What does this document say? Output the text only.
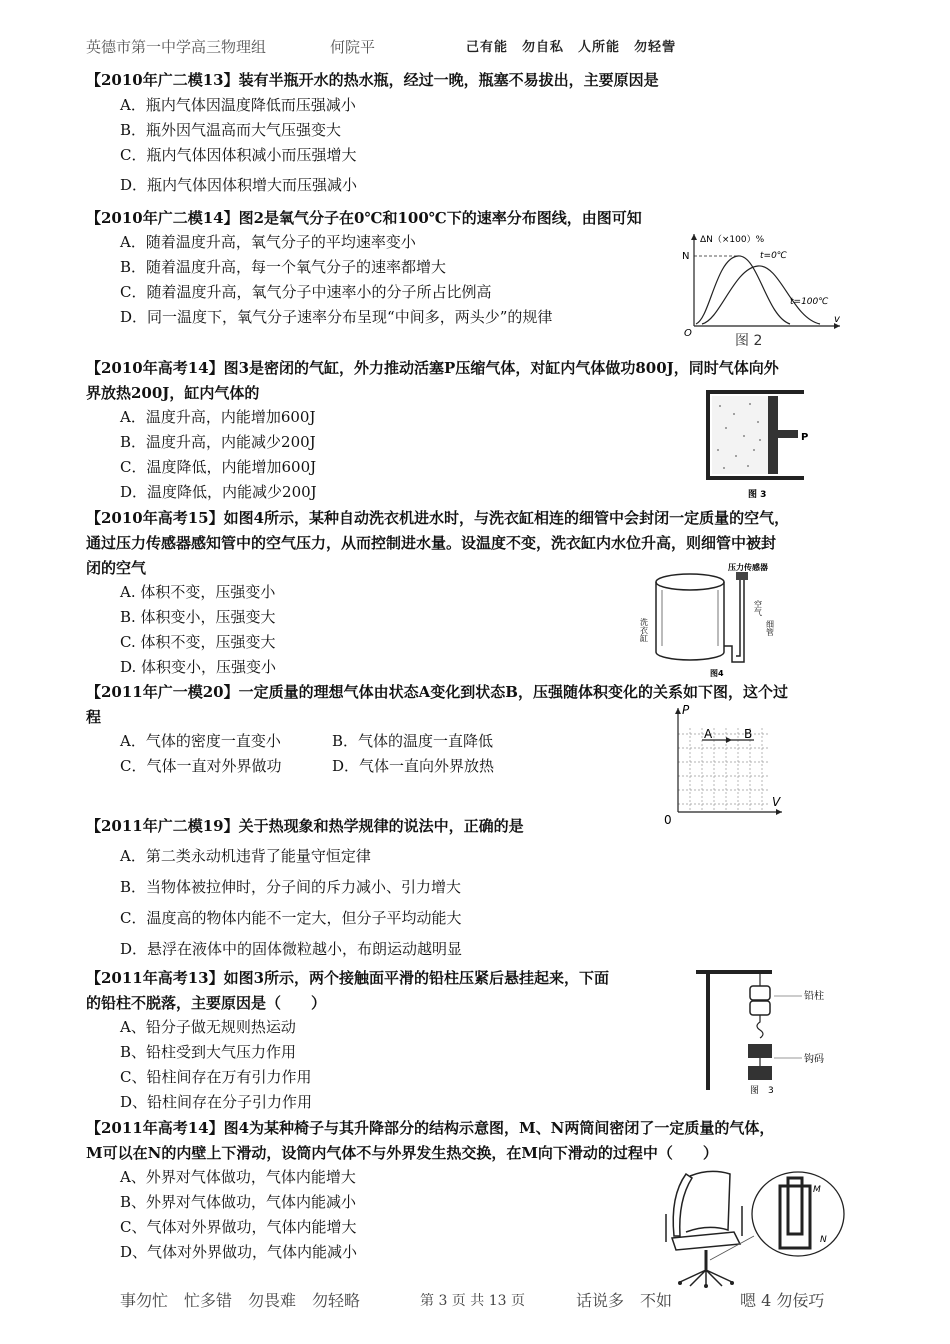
英德市第一中学高三物理组	何院平	己有能　勿自私　人所能　勿轻訾
【2010年广二模13】装有半瓶开水的热水瓶，经过一晚，瓶塞不易拔出，主要原因是
A．瓶内气体因温度降低而压强减小
B．瓶外因气温高而大气压强变大
C．瓶内气体因体积减小而压强增大
D．瓶内气体因体积增大而压强减小
【2010年广二模14】图2是氧气分子在0℃和100℃下的速率分布图线，由图可知
A．随着温度升高，氧气分子的平均速率变小
B．随着温度升高，每一个氧气分子的速率都增大
C．随着温度升高，氧气分子中速率小的分子所占比例高
D．同一温度下，氧气分子速率分布呈现“中间多，两头少”的规律
ΔN（×100）%
N	t=0℃
t=100℃
O
v
图 2
【2010年高考14】图3是密闭的气缸，外力推动活塞P压缩气体，对缸内气体做功800J，同时气体向外
界放热200J，缸内气体的
A．温度升高，内能增加600J
B．温度升高，内能减少200J
C．温度降低，内能增加600J
D．温度降低，内能减少200J
P
图 3
【2010年高考15】如图4所示，某种自动洗衣机进水时，与洗衣缸相连的细管中会封闭一定质量的空气，
通过压力传感器感知管中的空气压力，从而控制进水量。设温度不变，洗衣缸内水位升高，则细管中被封
闭的空气
A. 体积不变，压强变小
B. 体积变小，压强变大
C. 体积不变，压强变大
D. 体积变小，压强变小
压力传感器
洗衣缸
空气
细管
图4
【2011年广一模20】一定质量的理想气体由状态A变化到状态B，压强随体积变化的关系如下图，这个过
程
A．气体的密度一直变小	B．气体的温度一直降低
C．气体一直对外界做功	D．气体一直向外界放热
P
V
0
A	B
【2011年广二模19】关于热现象和热学规律的说法中，正确的是
A．第二类永动机违背了能量守恒定律
B．当物体被拉伸时，分子间的斥力减小、引力增大
C．温度高的物体内能不一定大，但分子平均动能大
D．悬浮在液体中的固体微粒越小，布朗运动越明显
【2011年高考13】如图3所示，两个接触面平滑的铅柱压紧后悬挂起来，下面
的铅柱不脱落，主要原因是（　　）
A、铅分子做无规则热运动
B、铅柱受到大气压力作用
C、铅柱间存在万有引力作用
D、铅柱间存在分子引力作用
铅柱
钩码
图　3
【2011年高考14】图4为某种椅子与其升降部分的结构示意图，M、N两筒间密闭了一定质量的气体，
M可以在N的内壁上下滑动，设筒内气体不与外界发生热交换，在M向下滑动的过程中（　　）
A、外界对气体做功，气体内能增大
B、外界对气体做功，气体内能减小
C、气体对外界做功，气体内能增大
D、气体对外界做功，气体内能减小
M
N
事勿忙　忙多错　勿畏难　勿轻略	第 3 页 共 13 页	话说多　不如	嗯 4 勿佞巧
